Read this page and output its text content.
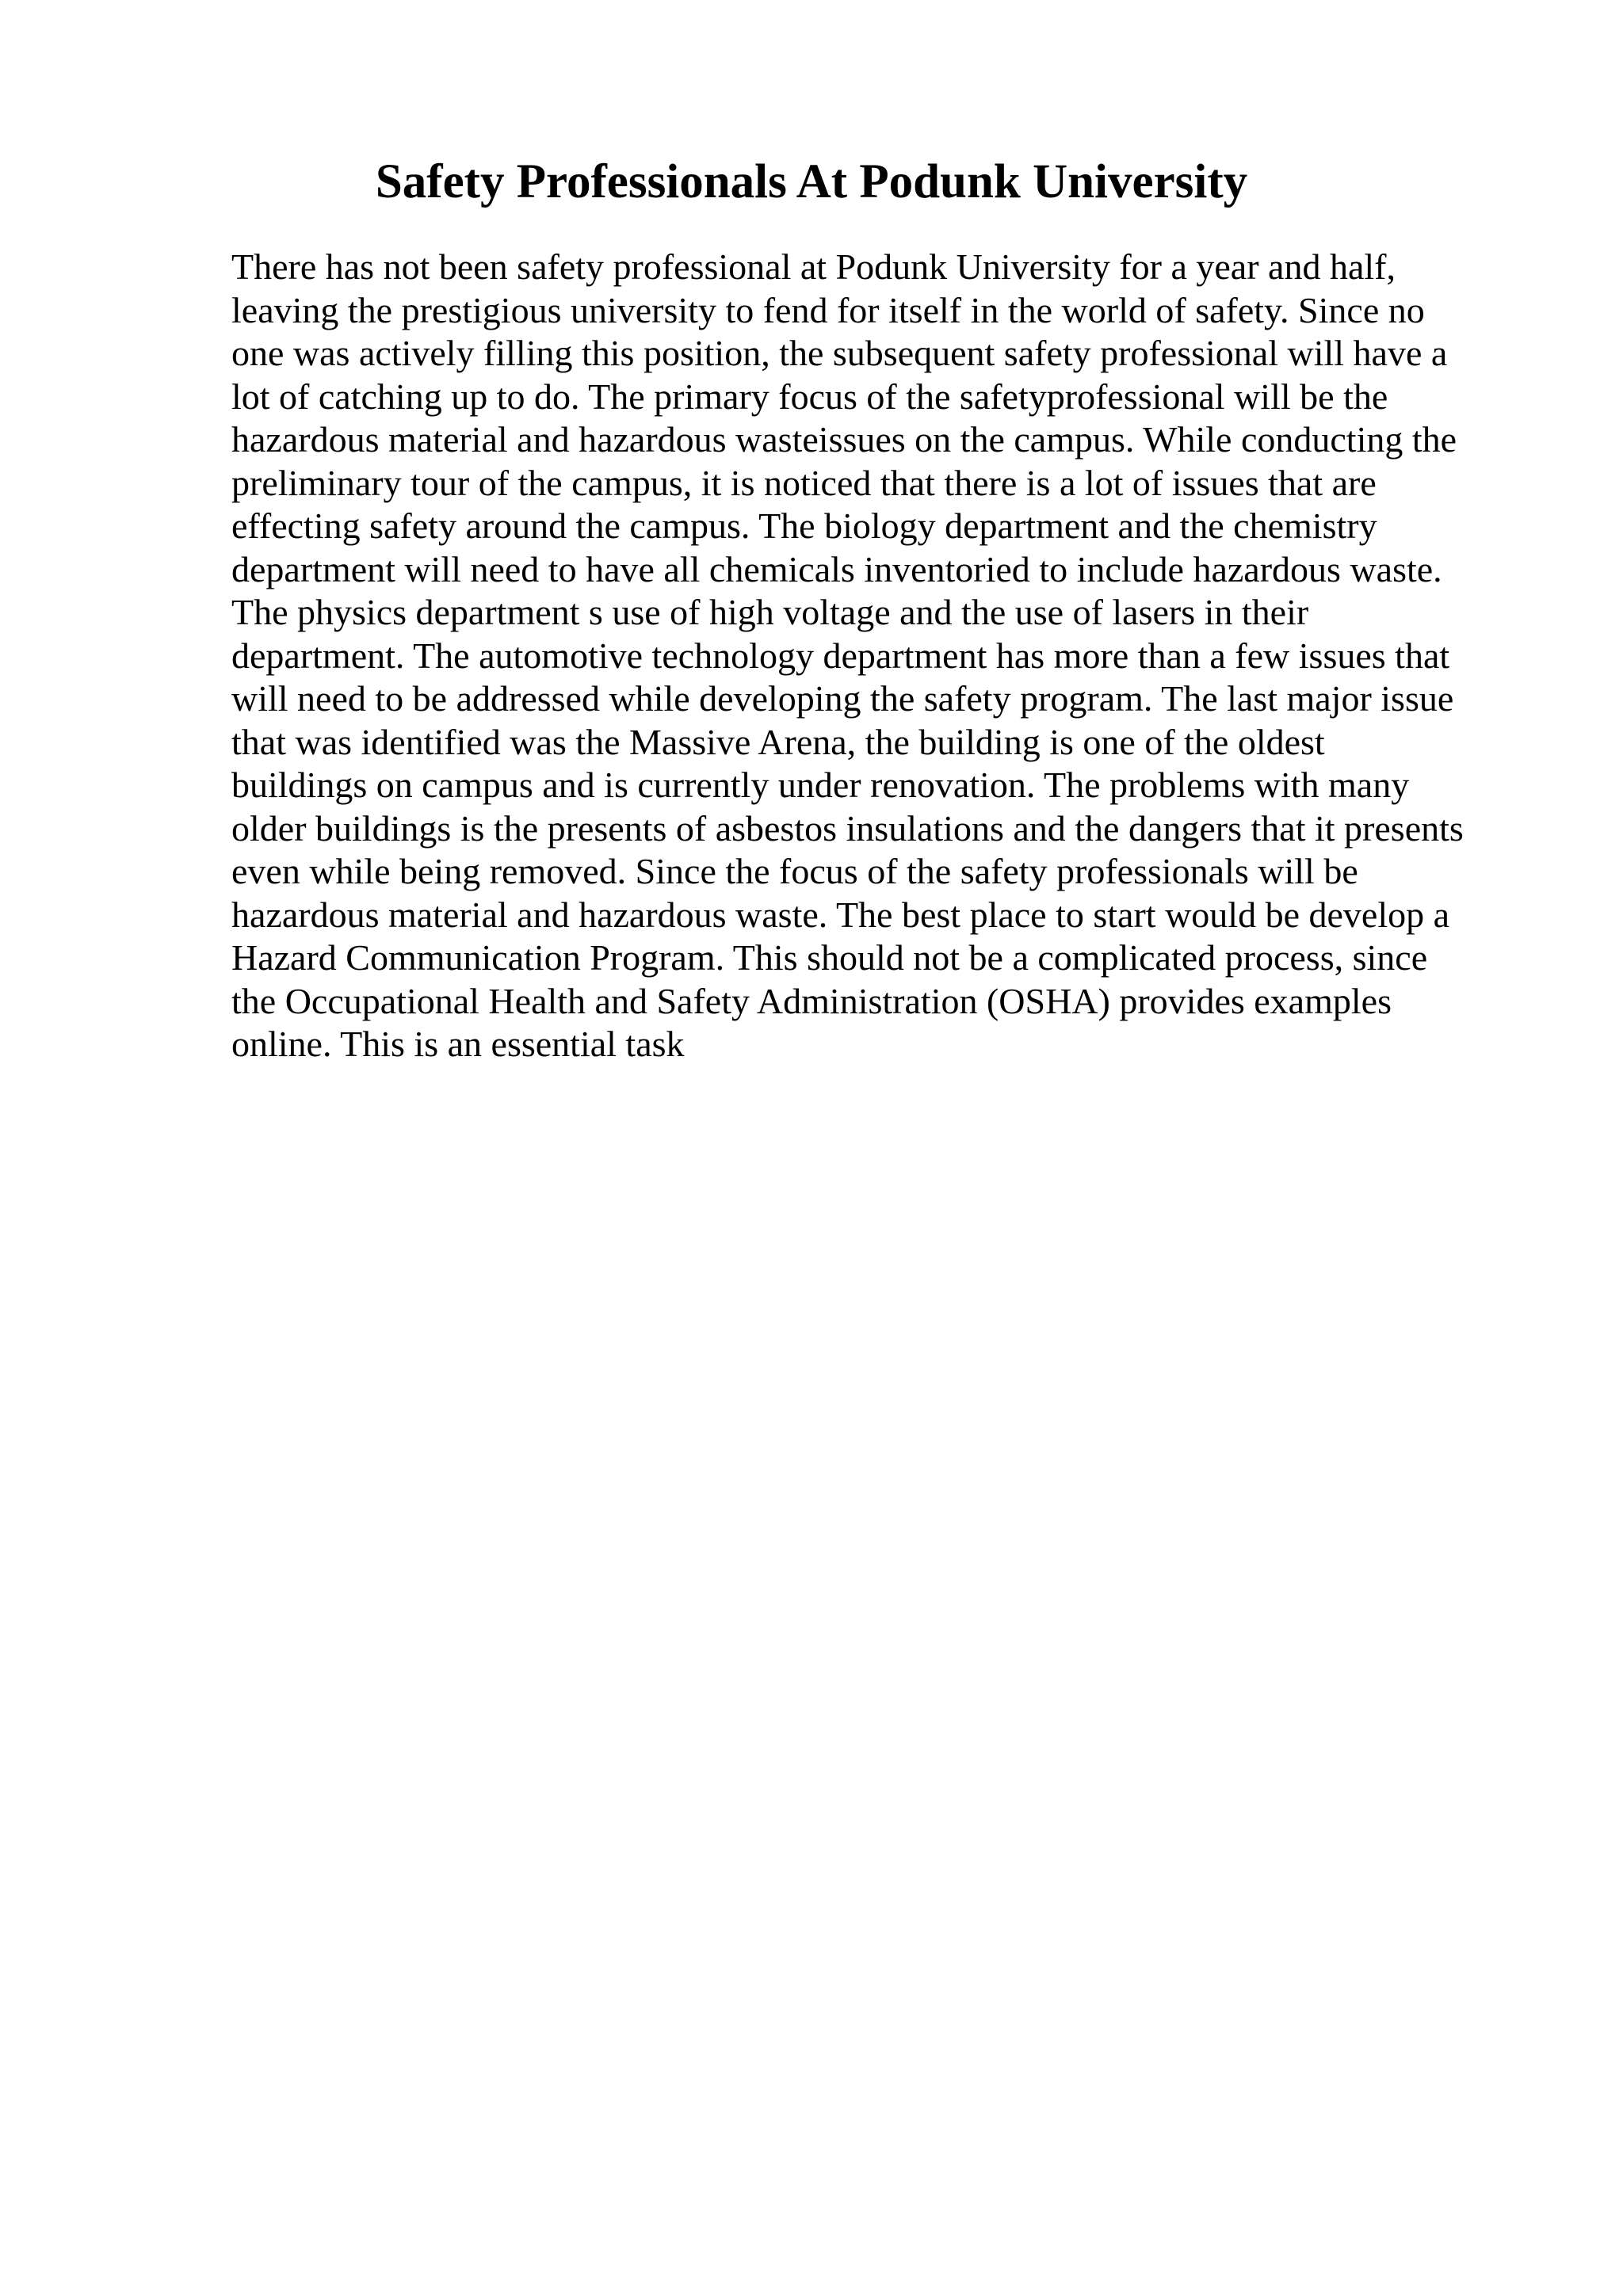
Safety Professionals At Podunk University
There has not been safety professional at Podunk University for a year and half,
leaving the prestigious university to fend for itself in the world of safety. Since no
one was actively filling this position, the subsequent safety professional will have a
lot of catching up to do. The primary focus of the safetyprofessional will be the
hazardous material and hazardous wasteissues on the campus. While conducting the
preliminary tour of the campus, it is noticed that there is a lot of issues that are
effecting safety around the campus. The biology department and the chemistry
department will need to have all chemicals inventoried to include hazardous waste.
The physics department s use of high voltage and the use of lasers in their
department. The automotive technology department has more than a few issues that
will need to be addressed while developing the safety program. The last major issue
that was identified was the Massive Arena, the building is one of the oldest
buildings on campus and is currently under renovation. The problems with many
older buildings is the presents of asbestos insulations and the dangers that it presents
even while being removed. Since the focus of the safety professionals will be
hazardous material and hazardous waste. The best place to start would be develop a
Hazard Communication Program. This should not be a complicated process, since
the Occupational Health and Safety Administration (OSHA) provides examples
online. This is an essential task
